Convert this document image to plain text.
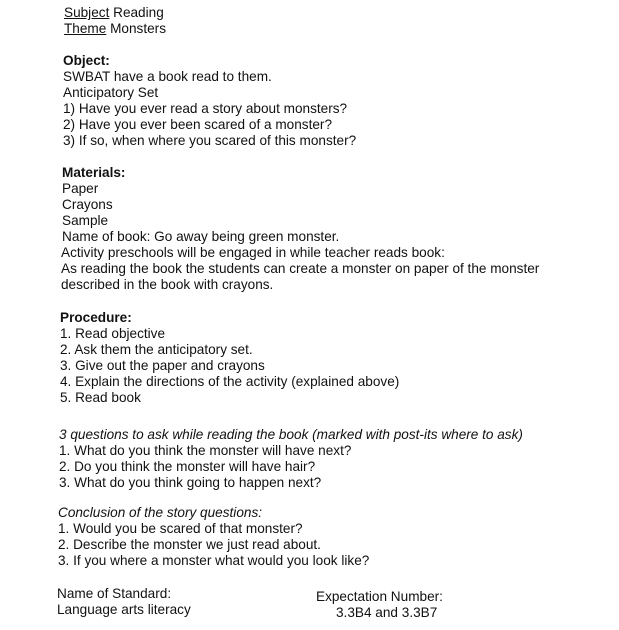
Subject Reading
Theme Monsters
Object:
SWBAT have a book read to them.
Anticipatory Set
1) Have you ever read a story about monsters?
2) Have you ever been scared of a monster?
3) If so, when where you scared of this monster?
Materials:
Paper
Crayons
Sample
Name of book: Go away being green monster.
Activity preschools will be engaged in while teacher reads book:
As reading the book the students can create a monster on paper of the monster
described in the book with crayons.
Procedure:
1. Read objective
2. Ask them the anticipatory set.
3. Give out the paper and crayons
4. Explain the directions of the activity (explained above)
5. Read book
3 questions to ask while reading the book (marked with post-its where to ask)
1. What do you think the monster will have next?
2. Do you think the monster will have hair?
3. What do you think going to happen next?
Conclusion of the story questions:
1. Would you be scared of that monster?
2. Describe the monster we just read about.
3. If you where a monster what would you look like?
Name of Standard:
Language arts literacy
Expectation Number:
3.3B4 and 3.3B7
